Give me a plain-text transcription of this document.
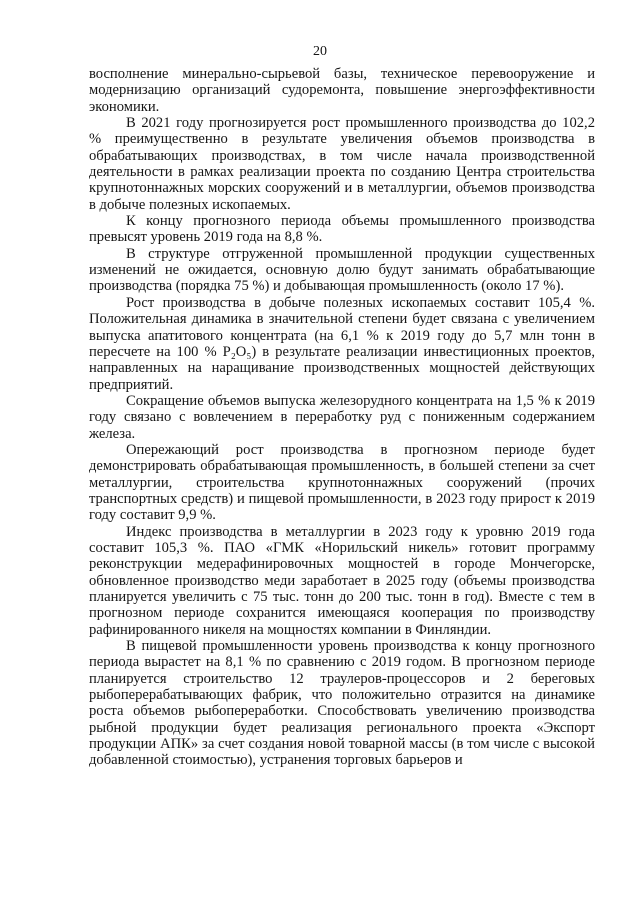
20

восполнение минерально-сырьевой базы, техническое перевооружение и модернизацию организаций судоремонта, повышение энергоэффективности экономики.

В 2021 году прогнозируется рост промышленного производства до 102,2 % преимущественно в результате увеличения объемов производства в обрабатывающих производствах, в том числе начала производственной деятельности в рамках реализации проекта по созданию Центра строительства крупнотоннажных морских сооружений и в металлургии, объемов производства в добыче полезных ископаемых.

К концу прогнозного периода объемы промышленного производства превысят уровень 2019 года на 8,8 %.

В структуре отгруженной промышленной продукции существенных изменений не ожидается, основную долю будут занимать обрабатывающие производства (порядка 75 %) и добывающая промышленность (около 17 %).

Рост производства в добыче полезных ископаемых составит 105,4 %. Положительная динамика в значительной степени будет связана с увеличением выпуска апатитового концентрата (на 6,1 % к 2019 году до 5,7 млн тонн в пересчете на 100 % P₂O₅) в результате реализации инвестиционных проектов, направленных на наращивание производственных мощностей действующих предприятий.

Сокращение объемов выпуска железорудного концентрата на 1,5 % к 2019 году связано с вовлечением в переработку руд с пониженным содержанием железа.

Опережающий рост производства в прогнозном периоде будет демонстрировать обрабатывающая промышленность, в большей степени за счет металлургии, строительства крупнотоннажных сооружений (прочих транспортных средств) и пищевой промышленности, в 2023 году прирост к 2019 году составит 9,9 %.

Индекс производства в металлургии в 2023 году к уровню 2019 года составит 105,3 %. ПАО «ГМК «Норильский никель» готовит программу реконструкции медерафинировочных мощностей в городе Мончегорске, обновленное производство меди заработает в 2025 году (объемы производства планируется увеличить с 75 тыс. тонн до 200 тыс. тонн в год). Вместе с тем в прогнозном периоде сохранится имеющаяся кооперация по производству рафинированного никеля на мощностях компании в Финляндии.

В пищевой промышленности уровень производства к концу прогнозного периода вырастет на 8,1 % по сравнению с 2019 годом. В прогнозном периоде планируется строительство 12 траулеров-процессоров и 2 береговых рыбоперерабатывающих фабрик, что положительно отразится на динамике роста объемов рыбопереработки. Способствовать увеличению производства рыбной продукции будет реализация регионального проекта «Экспорт продукции АПК» за счет создания новой товарной массы (в том числе с высокой добавленной стоимостью), устранения торговых барьеров и
